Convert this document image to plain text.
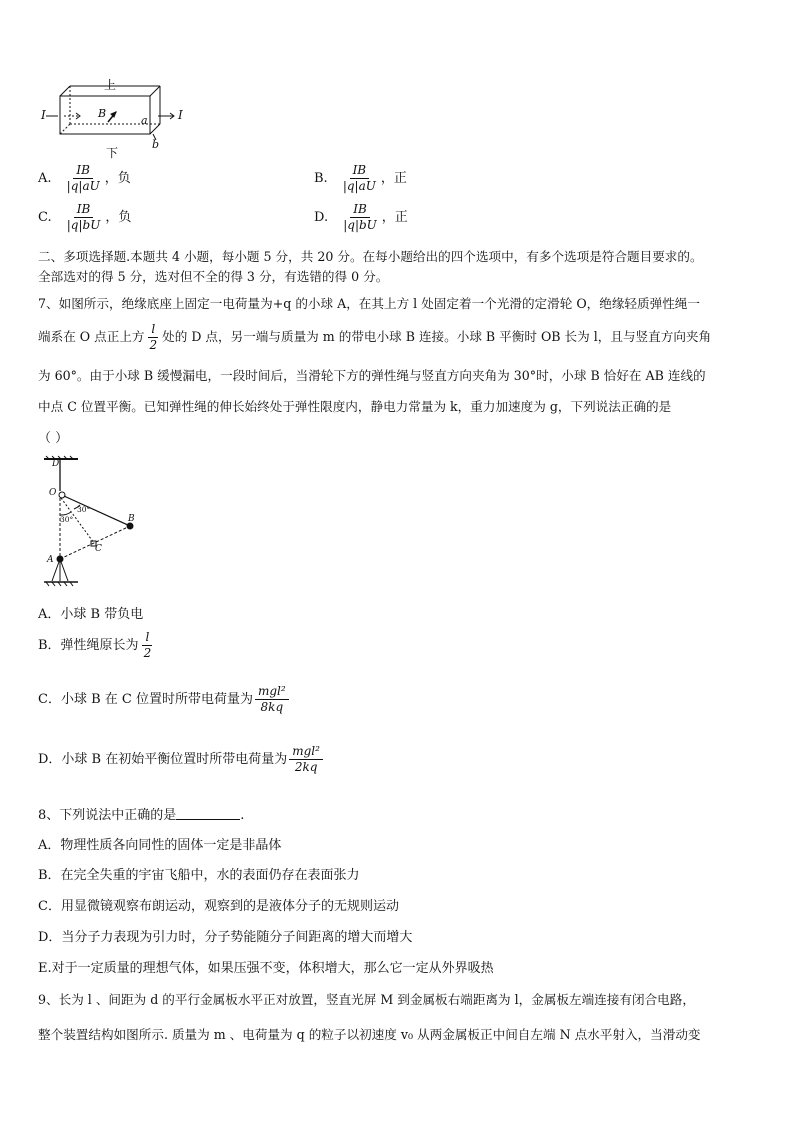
上
下
I	I
B
a
b
A. $\frac{IB}{|q|aU}$ ，负	B. $\frac{IB}{|q|aU}$ ，正
C. $\frac{IB}{|q|bU}$ ，负	D. $\frac{IB}{|q|bU}$ ，正
二、多项选择题.本题共 4 小题，每小题 5 分，共 20 分。在每小题给出的四个选项中，有多个选项是符合题目要求的。
全部选对的得 5 分，选对但不全的得 3 分，有选错的得 0 分。
7、如图所示，绝缘底座上固定一电荷量为+q 的小球 A，在其上方 l 处固定着一个光滑的定滑轮 O，绝缘轻质弹性绳一
端系在 O 点正上方 $\frac{l}{2}$ 处的 D 点，另一端与质量为 m 的带电小球 B 连接。小球 B 平衡时 OB 长为 l，且与竖直方向夹角
为 60°。由于小球 B 缓慢漏电，一段时间后，当滑轮下方的弹性绳与竖直方向夹角为 30°时，小球 B 恰好在 AB 连线的
中点 C 位置平衡。已知弹性绳的伸长始终处于弹性限度内，静电力常量为 k，重力加速度为 g，下列说法正确的是
（ ）
D
O
A
B
C
30°
30°
A．小球 B 带负电
B．弹性绳原长为 $\frac{l}{2}$
C．小球 B 在 C 位置时所带电荷量为 $\frac{\text{mgl²}}{8kq}$
D．小球 B 在初始平衡位置时所带电荷量为 $\frac{\text{mgl²}}{2kq}$
8、下列说法中正确的是	.
A．物理性质各向同性的固体一定是非晶体
B．在完全失重的宇宙飞船中，水的表面仍存在表面张力
C．用显微镜观察布朗运动，观察到的是液体分子的无规则运动
D．当分子力表现为引力时，分子势能随分子间距离的增大而增大
E.对于一定质量的理想气体，如果压强不变，体积增大，那么它一定从外界吸热
9、长为 l 、间距为 d 的平行金属板水平正对放置，竖直光屏 M 到金属板右端距离为 l，金属板左端连接有闭合电路，
整个装置结构如图所示. 质量为 m 、电荷量为 q 的粒子以初速度 v₀ 从两金属板正中间自左端 N 点水平射入，当滑动变
